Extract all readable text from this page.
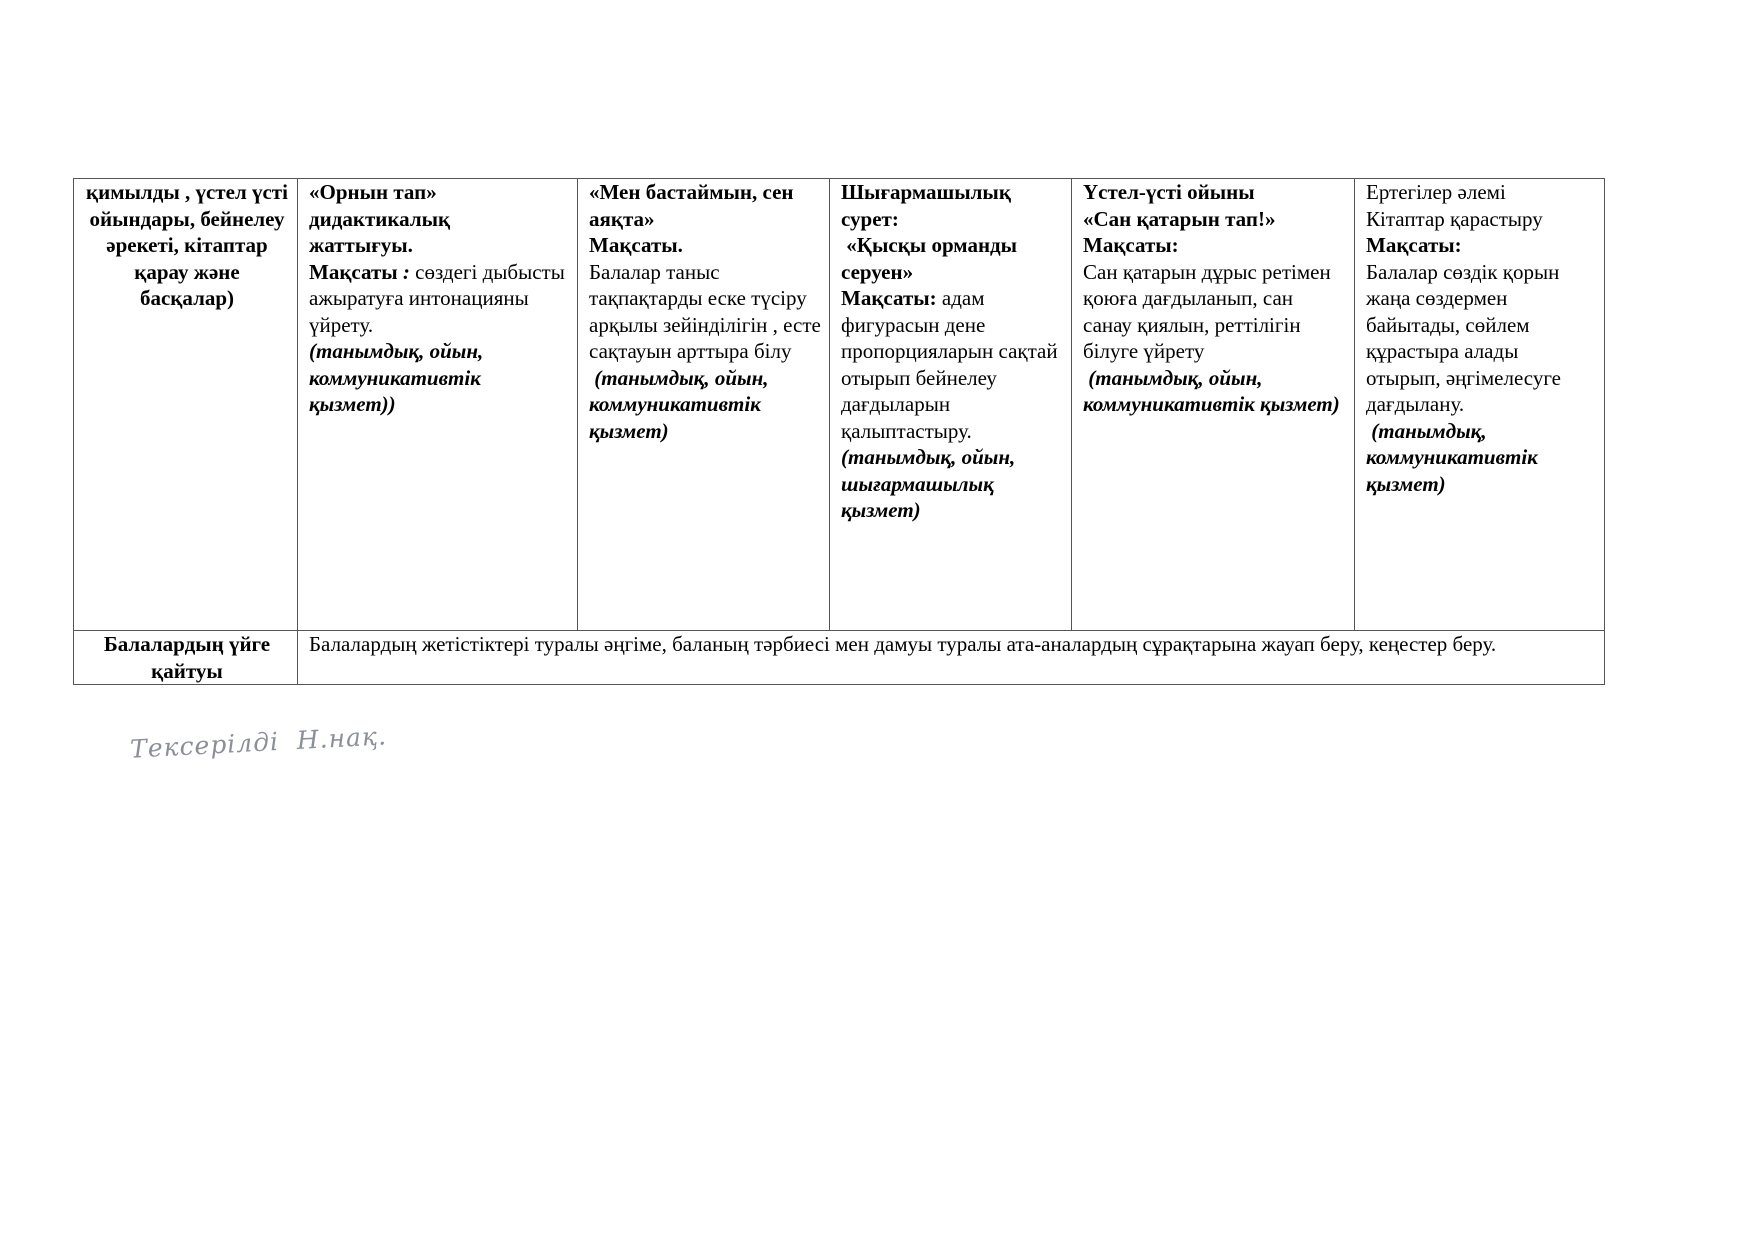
қимылды , үстел үсті ойындары, бейнелеу әрекеті, кітаптар қарау және басқалар)	«Орнын тап»
дидактикалық
жаттығуы.
Мақсаты : сөздегі дыбысты ажыратуға интонацияны үйрету.
(танымдық, ойын, коммуникативтік қызмет))	«Мен бастаймын, сен аяқта»
Мақсаты.
Балалар таныс тақпақтарды еске түсіру арқылы зейінділігін , есте сақтауын арттыра білу
(танымдық, ойын, коммуникативтік қызмет)	Шығармашылық
сурет:
«Қысқы орманды серуен»
Мақсаты: адам фигурасын дене пропорцияларын сақтай отырып бейнелеу дағдыларын қалыптастыру.
(танымдық, ойын, шығармашылық қызмет)	Үстел-үсті ойыны
«Сан қатарын тап!»
Мақсаты:
Сан қатарын дұрыс ретімен қоюға дағдыланып, сан санау қиялын, реттілігін білуге үйрету
(танымдық, ойын, коммуникативтік қызмет)	Ертегілер әлемі
Кітаптар қарастыру
Мақсаты:
Балалар сөздік қорын жаңа сөздермен байытады, сөйлем құрастыра алады отырып, әңгімелесуге дағдылану.
(танымдық, коммуникативтік қызмет)

Балалардың үйге қайтуы	Балалардың жетістіктері туралы әңгіме, баланың тәрбиесі мен дамуы туралы ата-аналардың сұрақтарына жауап беру, кеңестер беру.				
Тексерілді  Н.нақ.
